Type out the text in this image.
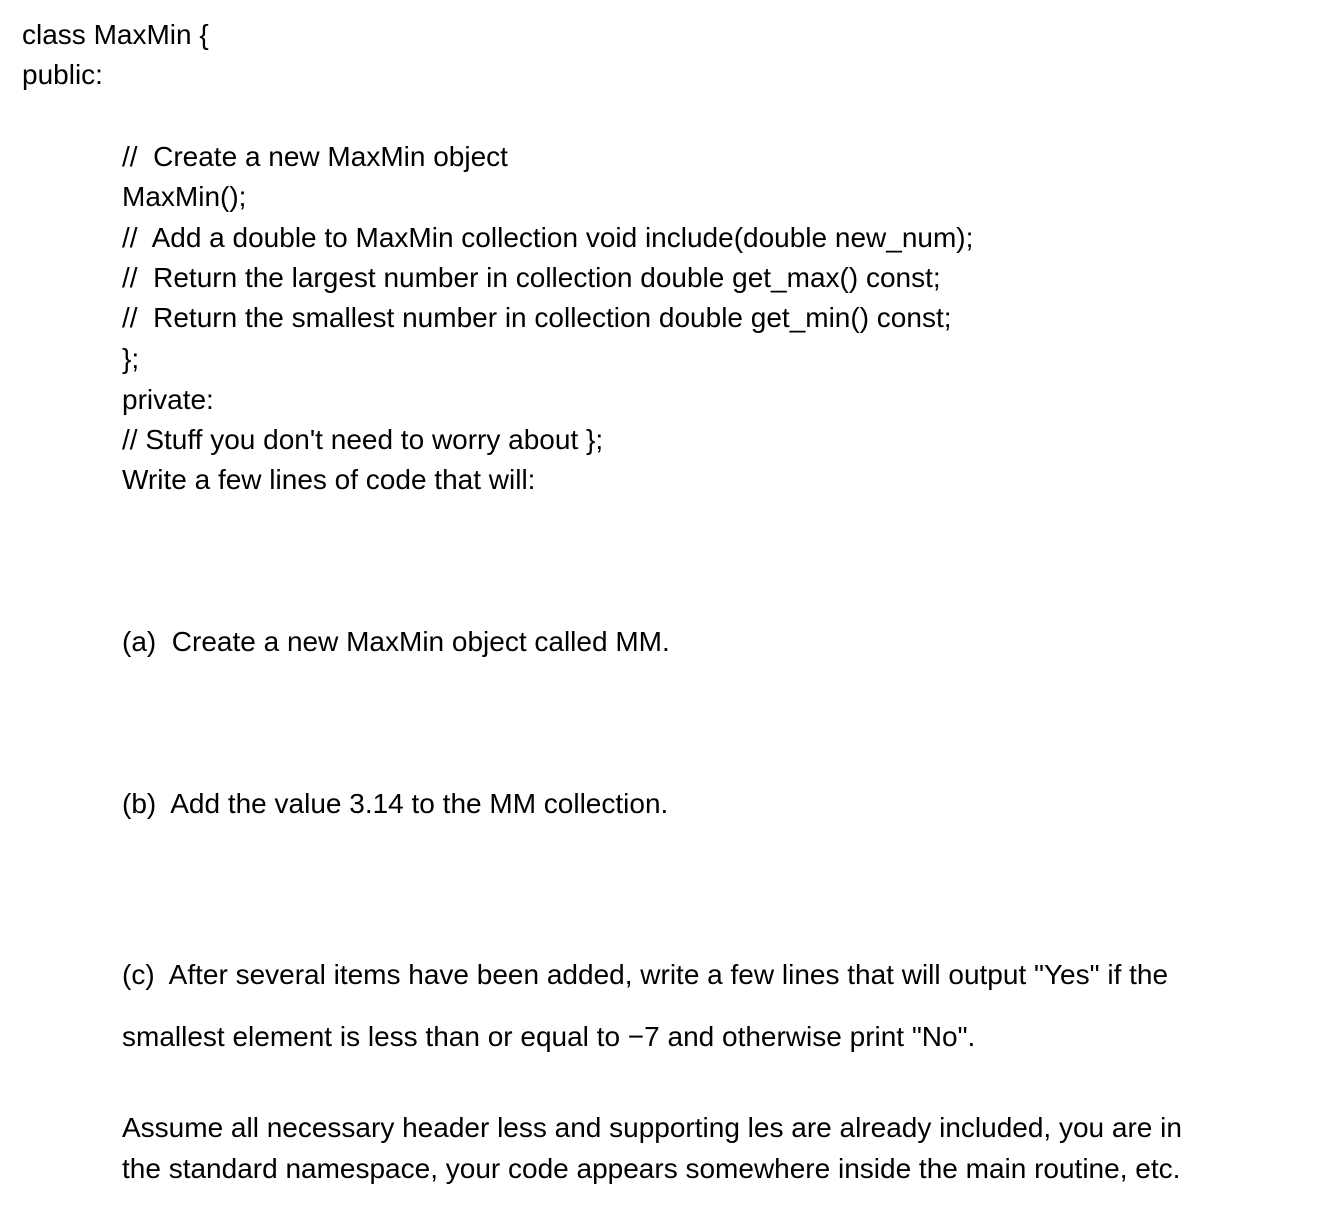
class MaxMin {

public:

//  Create a new MaxMin object

MaxMin();

//  Add a double to MaxMin collection void include(double new_num);

//  Return the largest number in collection double get_max() const;

//  Return the smallest number in collection double get_min() const;

};

private:

// Stuff you don't need to worry about };

Write a few lines of code that will:

(a)  Create a new MaxMin object called MM.

(b)  Add the value 3.14 to the MM collection.

(c)  After several items have been added, write a few lines that will output "Yes" if the

smallest element is less than or equal to −7 and otherwise print "No".

Assume all necessary header less and supporting les are already included, you are in

the standard namespace, your code appears somewhere inside the main routine, etc.
